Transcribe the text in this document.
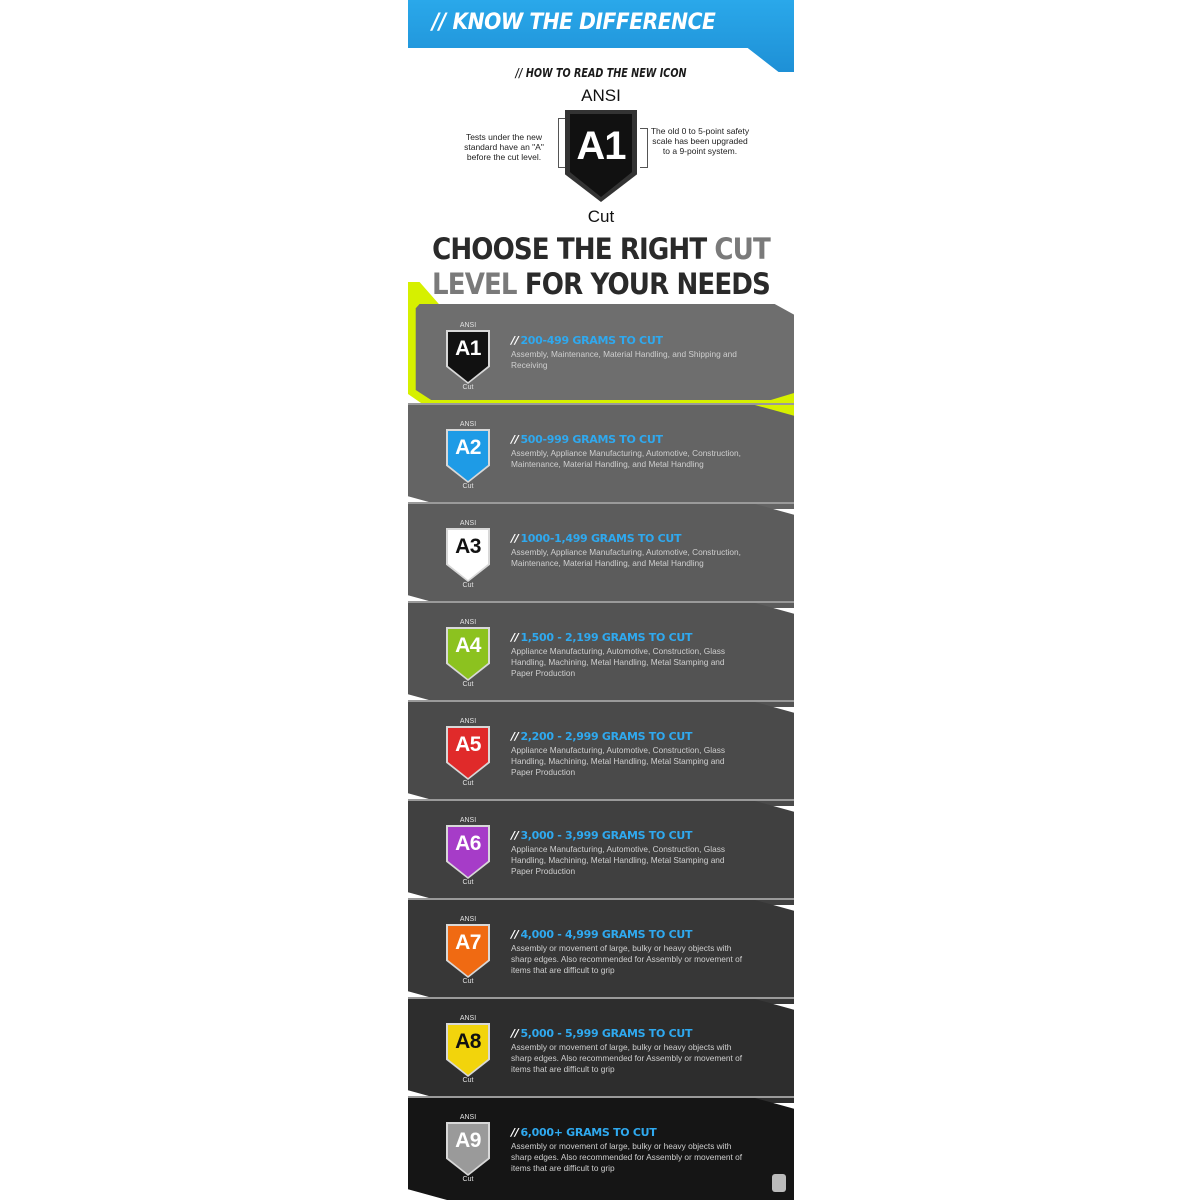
// KNOW THE DIFFERENCE
// HOW TO READ THE NEW ICON
ANSI
A1
Cut
Tests under the new standard have an "A" before the cut level.
The old 0 to 5-point safety scale has been upgraded to a 9-point system.
CHOOSE THE RIGHT CUT
LEVEL FOR YOUR NEEDS
ANSI
A1
Cut
// 200-499 GRAMS TO CUT
Assembly, Maintenance, Material Handling, and Shipping and Receiving
ANSI
A2
Cut
// 500-999 GRAMS TO CUT
Assembly, Appliance Manufacturing, Automotive, Construction, Maintenance, Material Handling, and Metal Handling
ANSI
A3
Cut
// 1000-1,499 GRAMS TO CUT
Assembly, Appliance Manufacturing, Automotive, Construction, Maintenance, Material Handling, and Metal Handling
ANSI
A4
Cut
// 1,500 - 2,199 GRAMS TO CUT
Appliance Manufacturing, Automotive, Construction, Glass Handling, Machining, Metal Handling, Metal Stamping and Paper Production
ANSI
A5
Cut
// 2,200 - 2,999 GRAMS TO CUT
Appliance Manufacturing, Automotive, Construction, Glass Handling, Machining, Metal Handling, Metal Stamping and Paper Production
ANSI
A6
Cut
// 3,000 - 3,999 GRAMS TO CUT
Appliance Manufacturing, Automotive, Construction, Glass Handling, Machining, Metal Handling, Metal Stamping and Paper Production
ANSI
A7
Cut
// 4,000 - 4,999 GRAMS TO CUT
Assembly or movement of large, bulky or heavy objects with sharp edges. Also recommended for Assembly or movement of items that are difficult to grip
ANSI
A8
Cut
// 5,000 - 5,999 GRAMS TO CUT
Assembly or movement of large, bulky or heavy objects with sharp edges. Also recommended for Assembly or movement of items that are difficult to grip
ANSI
A9
Cut
// 6,000+ GRAMS TO CUT
Assembly or movement of large, bulky or heavy objects with sharp edges. Also recommended for Assembly or movement of items that are difficult to grip
